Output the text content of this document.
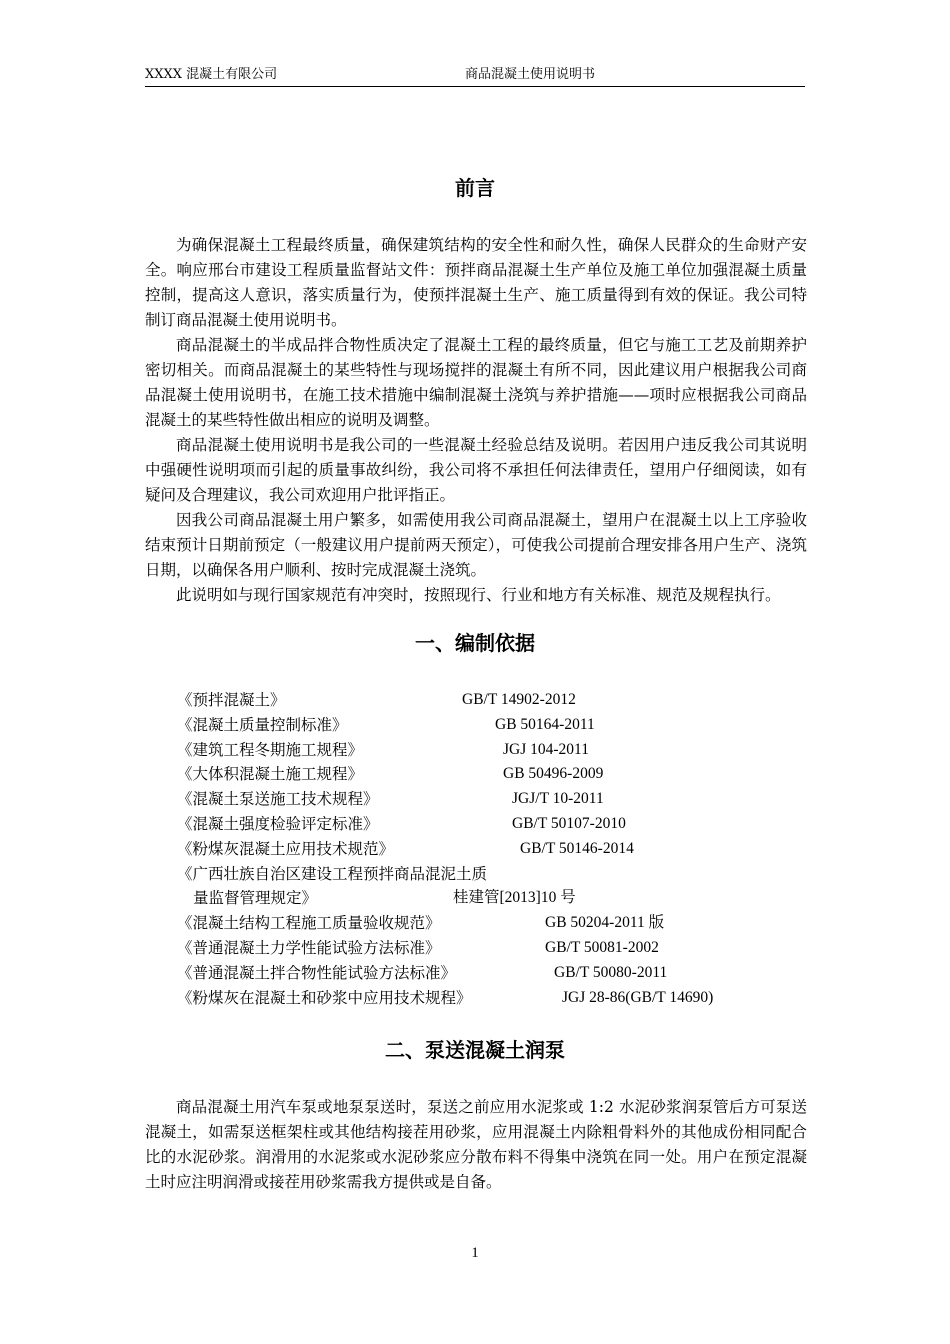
XXXX 混凝土有限公司	商品混凝土使用说明书
前言

为确保混凝土工程最终质量，确保建筑结构的安全性和耐久性，确保人民群众的生命财产安全。响应邢台市建设工程质量监督站文件：预拌商品混凝土生产单位及施工单位加强混凝土质量控制，提高这人意识，落实质量行为，使预拌混凝土生产、施工质量得到有效的保证。我公司特制订商品混凝土使用说明书。

商品混凝土的半成品拌合物性质决定了混凝土工程的最终质量，但它与施工工艺及前期养护密切相关。而商品混凝土的某些特性与现场搅拌的混凝土有所不同，因此建议用户根据我公司商品混凝土使用说明书，在施工技术措施中编制混凝土浇筑与养护措施——项时应根据我公司商品混凝土的某些特性做出相应的说明及调整。

商品混凝土使用说明书是我公司的一些混凝土经验总结及说明。若因用户违反我公司其说明中强硬性说明项而引起的质量事故纠纷，我公司将不承担任何法律责任，望用户仔细阅读，如有疑问及合理建议，我公司欢迎用户批评指正。

因我公司商品混凝土用户繁多，如需使用我公司商品混凝土，望用户在混凝土以上工序验收结束预计日期前预定（一般建议用户提前两天预定），可使我公司提前合理安排各用户生产、浇筑日期，以确保各用户顺利、按时完成混凝土浇筑。

此说明如与现行国家规范有冲突时，按照现行、行业和地方有关标准、规范及规程执行。

一、编制依据
《预拌混凝土》	GB/T 14902-2012
《混凝土质量控制标准》	GB 50164-2011
《建筑工程冬期施工规程》	JGJ 104-2011
《大体积混凝土施工规程》	GB 50496-2009
《混凝土泵送施工技术规程》	JGJ/T 10-2011
《混凝土强度检验评定标准》	GB/T 50107-2010
《粉煤灰混凝土应用技术规范》	GB/T 50146-2014
《广西壮族自治区建设工程预拌商品混泥土质
量监督管理规定》	桂建管[2013]10 号
《混凝土结构工程施工质量验收规范》	GB 50204-2011 版
《普通混凝土力学性能试验方法标准》	GB/T 50081-2002
《普通混凝土拌合物性能试验方法标准》	GB/T 50080-2011
《粉煤灰在混凝土和砂浆中应用技术规程》	JGJ 28-86(GB/T 14690)
二、泵送混凝土润泵

商品混凝土用汽车泵或地泵泵送时，泵送之前应用水泥浆或 1:2 水泥砂浆润泵管后方可泵送混凝土，如需泵送框架柱或其他结构接茬用砂浆，应用混凝土内除粗骨料外的其他成份相同配合比的水泥砂浆。润滑用的水泥浆或水泥砂浆应分散布料不得集中浇筑在同一处。用户在预定混凝土时应注明润滑或接茬用砂浆需我方提供或是自备。

1
